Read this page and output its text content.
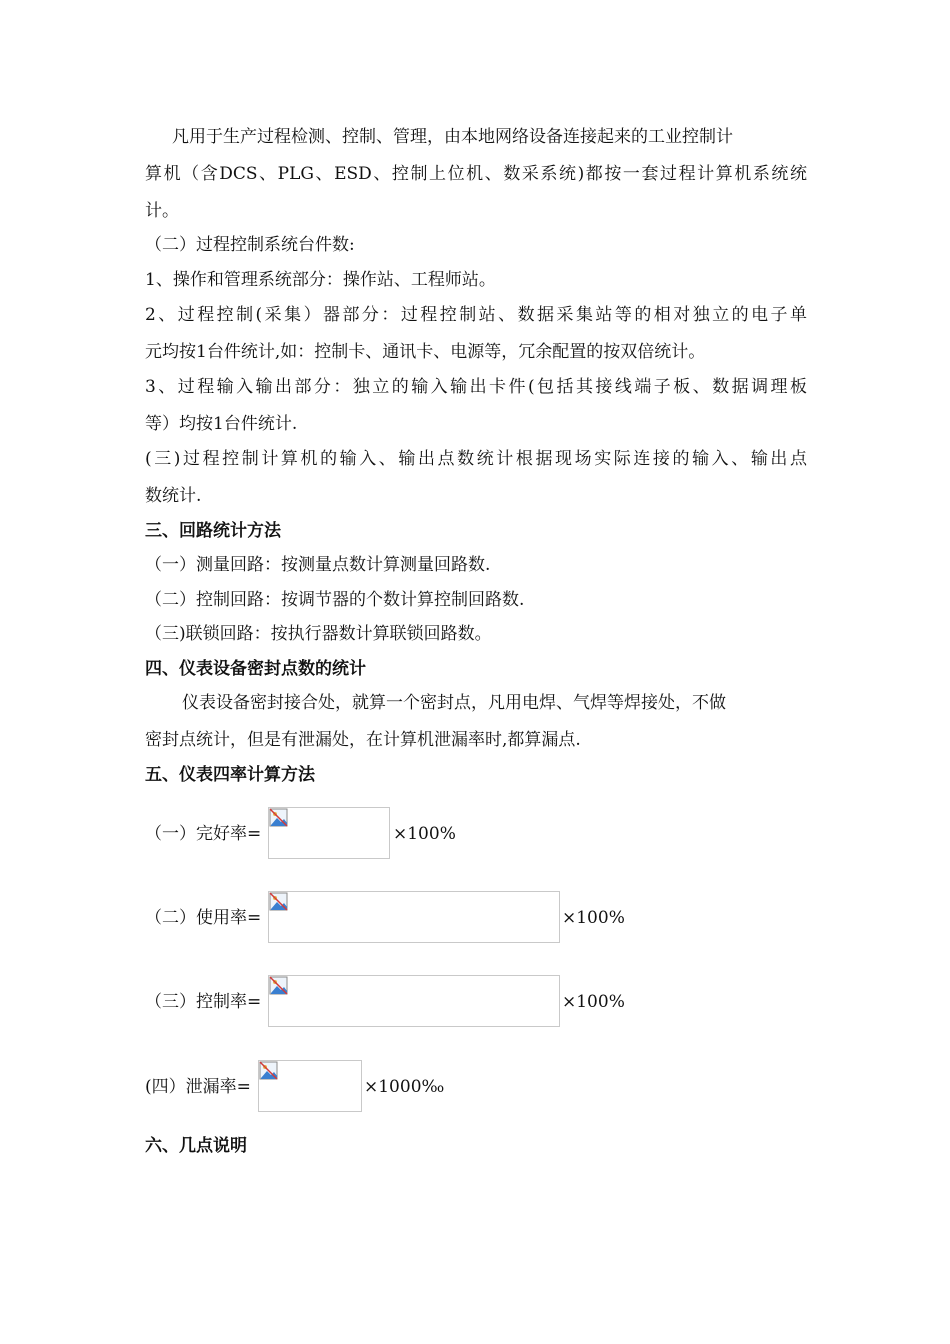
凡用于生产过程检测、控制、管理，由本地网络设备连接起来的工业控制计
算机（含DCS、PLG、ESD、控制上位机、数采系统)都按一套过程计算机系统统
计。
（二）过程控制系统台件数:
1、操作和管理系统部分：操作站、工程师站。
2、过程控制(采集）器部分：过程控制站、数据采集站等的相对独立的电子单
元均按1台件统计,如：控制卡、通讯卡、电源等，冗余配置的按双倍统计。
3、过程输入输出部分：独立的输入输出卡件(包括其接线端子板、数据调理板
等）均按1台件统计.
(三)过程控制计算机的输入、输出点数统计根据现场实际连接的输入、输出点
数统计.
三、回路统计方法
（一）测量回路：按测量点数计算测量回路数.
（二）控制回路：按调节器的个数计算控制回路数.
（三)联锁回路：按执行器数计算联锁回路数。
四、仪表设备密封点数的统计
仪表设备密封接合处，就算一个密封点，凡用电焊、气焊等焊接处，不做
密封点统计，但是有泄漏处，在计算机泄漏率时,都算漏点.
五、仪表四率计算方法
（一）完好率=	×100%
（二）使用率=	×100%
（三）控制率=	×100%
(四）泄漏率=	×1000‰
六、几点说明
